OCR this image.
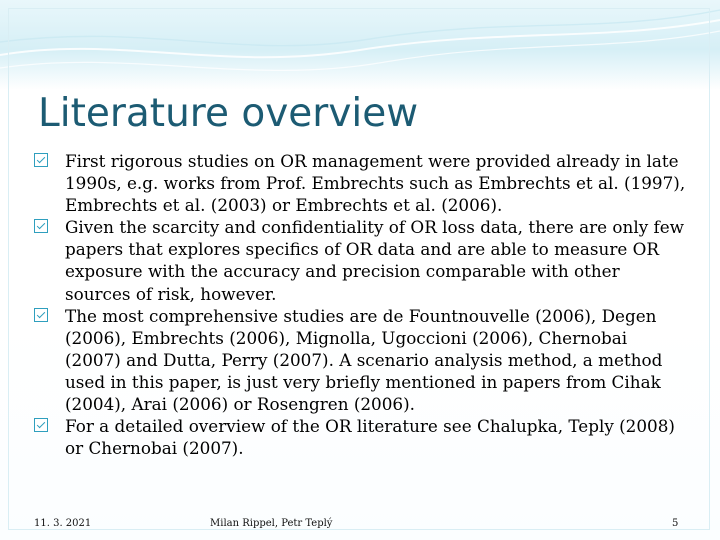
Literature overview
First rigorous studies on OR management were provided already in late 1990s, e.g. works from Prof. Embrechts such as Embrechts et al. (1997), Embrechts et al. (2003) or Embrechts et al. (2006).
Given the scarcity and confidentiality of OR loss data, there are only few papers that explores specifics of OR data and are able to measure OR exposure with the accuracy and precision comparable with other sources of risk, however.
The most comprehensive studies are de Fountnouvelle (2006), Degen (2006), Embrechts (2006), Mignolla, Ugoccioni (2006), Chernobai (2007) and Dutta, Perry (2007). A scenario analysis method, a method used in this paper, is just very briefly mentioned in papers from Cihak (2004), Arai (2006) or Rosengren (2006).
For a detailed overview of the OR literature see Chalupka, Teply (2008) or Chernobai (2007).
11. 3. 2021	Milan Rippel, Petr Teplý	5
